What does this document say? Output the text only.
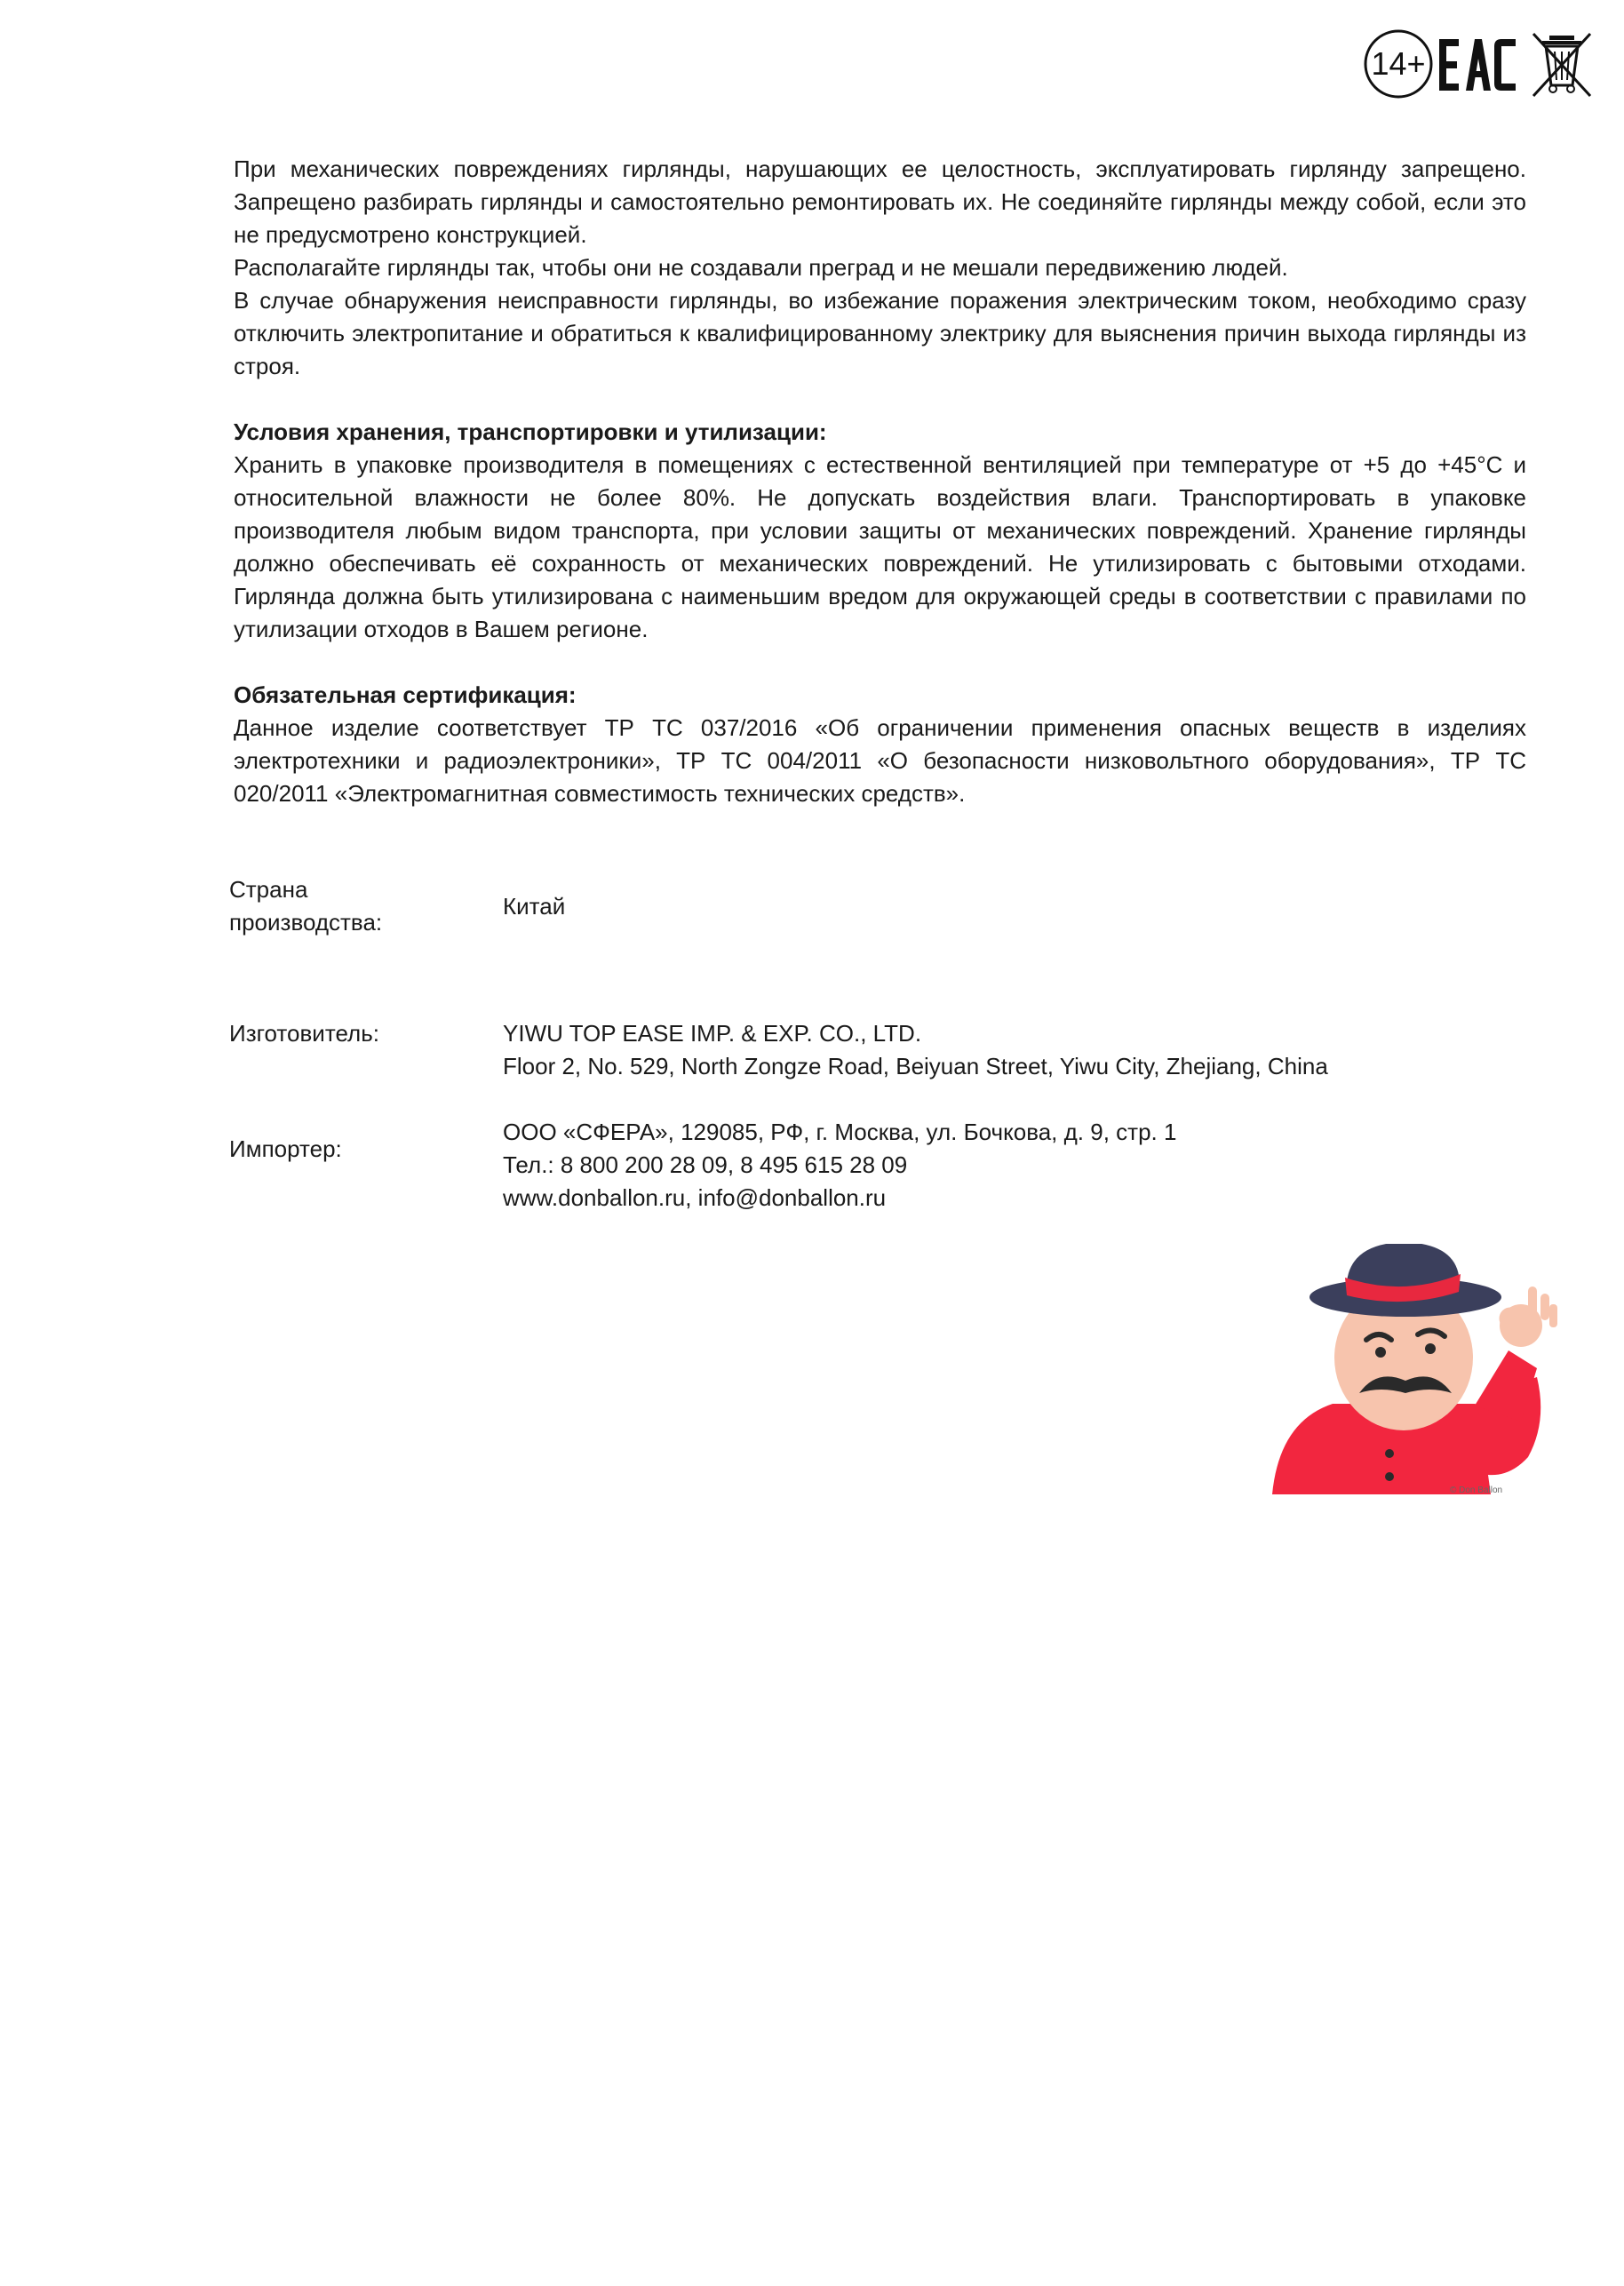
14+

При механических повреждениях гирлянды, нарушающих ее целостность, эксплуатировать гирлянду запрещено. Запрещено разбирать гирлянды и самостоятельно ремонтировать их. Не соединяйте гирлянды между собой, если это не предусмотрено конструкцией.

Располагайте гирлянды так, чтобы они не создавали преград и не мешали передвижению людей.

В случае обнаружения неисправности гирлянды, во избежание поражения электрическим током, необходимо сразу отключить электропитание и обратиться к квалифицированному электрику для выяснения причин выхода гирлянды из строя.

Условия хранения, транспортировки и утилизации:

Хранить в упаковке производителя в помещениях с естественной вентиляцией при температуре от +5 до +45°С и относительной влажности не более 80%. Не допускать воздействия влаги. Транспортировать в упаковке производителя любым видом транспорта, при условии защиты от механических повреждений. Хранение гирлянды должно обеспечивать её сохранность от механических повреждений. Не утилизировать с бытовыми отходами. Гирлянда должна быть утилизирована с наименьшим вредом для окружающей среды в соответствии с правилами по утилизации отходов в Вашем регионе.

Обязательная сертификация:

Данное изделие соответствует ТР ТС 037/2016 «Об ограничении применения опасных веществ в изделиях электротехники и радиоэлектроники», ТР ТС 004/2011 «О безопасности низковольтного оборудования», ТР ТС 020/2011 «Электромагнитная совместимость технических средств».

Страна
производства:
Китай
Изготовитель:	YIWU TOP EASE IMP. & EXP. CO., LTD.
Floor 2, No. 529, North Zongze Road, Beiyuan Street, Yiwu City, Zhejiang, China
Импортер:
ООО «СФЕРА», 129085, РФ, г. Москва, ул. Бочкова, д. 9, стр. 1
Тел.: 8 800 200 28 09, 8 495 615 28 09
www.donballon.ru, info@donballon.ru
© Don Ballon
